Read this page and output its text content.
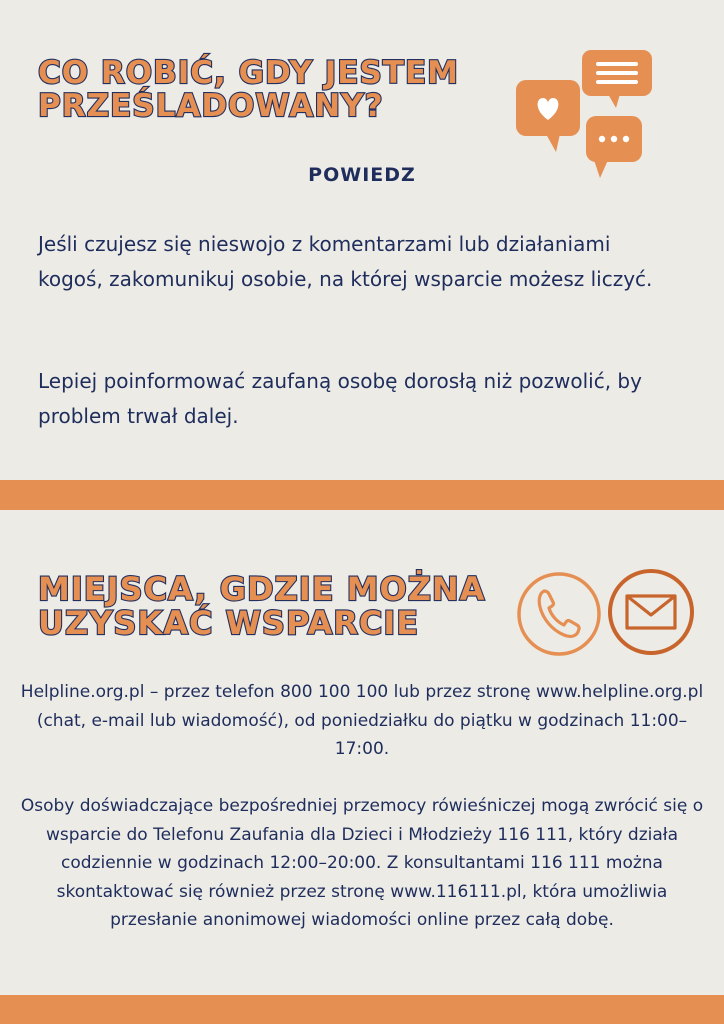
CO ROBIĆ, GDY JESTEM
PRZEŚLADOWANY?
POWIEDZ

Jeśli czujesz się nieswojo z komentarzami lub działaniami kogoś, zakomunikuj osobie, na której wsparcie możesz liczyć.

Lepiej poinformować zaufaną osobę dorosłą niż pozwolić, by problem trwał dalej.

MIEJSCA, GDZIE MOŻNA
UZYSKAĆ WSPARCIE

Helpline.org.pl – przez telefon 800 100 100 lub przez stronę www.helpline.org.pl (chat, e-mail lub wiadomość), od poniedziałku do piątku w godzinach 11:00–17:00.

Osoby doświadczające bezpośredniej przemocy rówieśniczej mogą zwrócić się o wsparcie do Telefonu Zaufania dla Dzieci i Młodzieży 116 111, który działa codziennie w godzinach 12:00–20:00. Z konsultantami 116 111 można skontaktować się również przez stronę www.116111.pl, która umożliwia przesłanie anonimowej wiadomości online przez całą dobę.
